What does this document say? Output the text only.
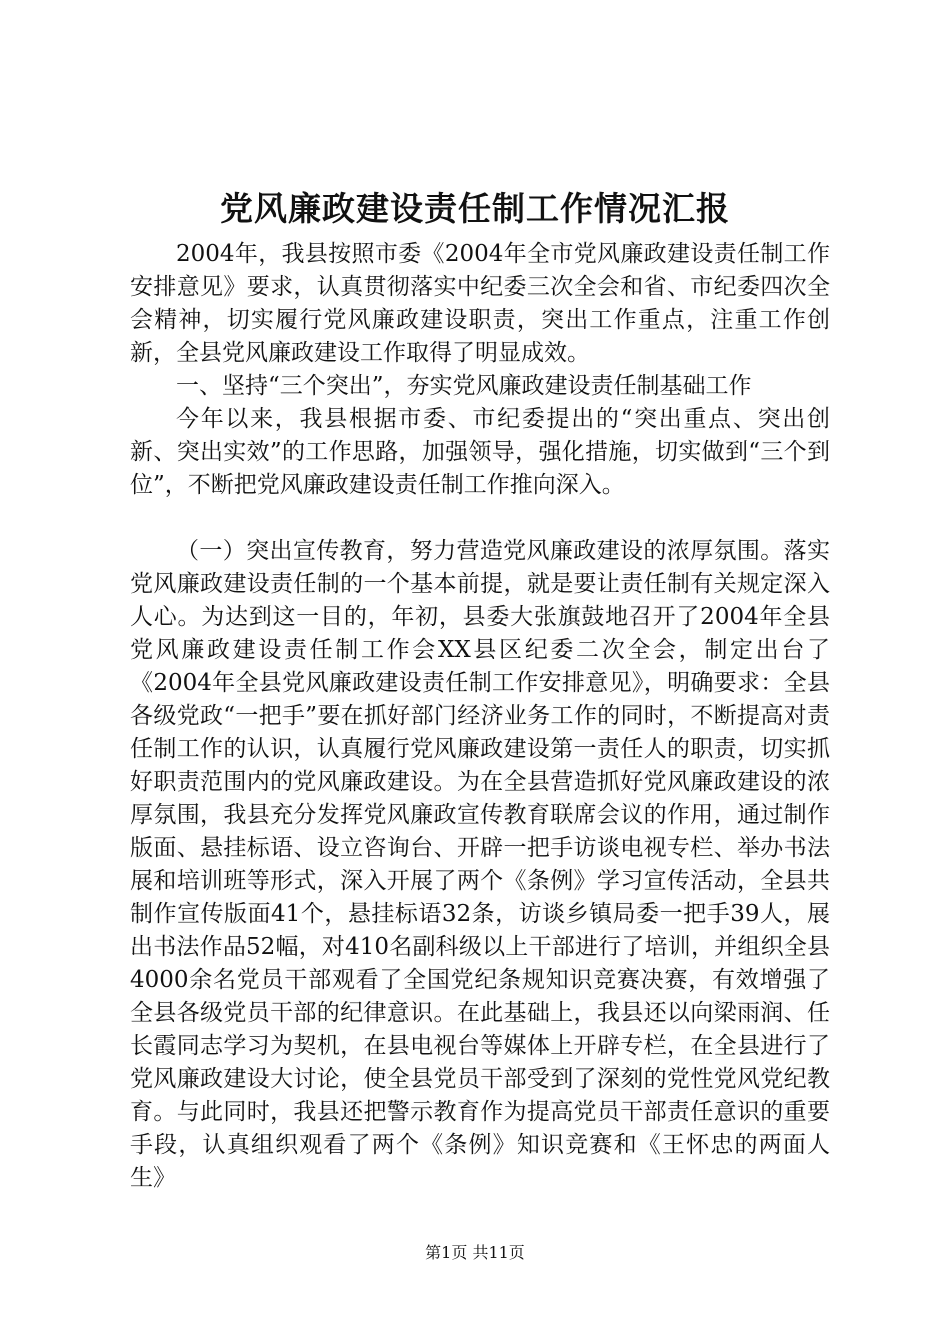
党风廉政建设责任制工作情况汇报

2004年，我县按照市委《2004年全市党风廉政建设责任制工作安排意见》要求，认真贯彻落实中纪委三次全会和省、市纪委四次全会精神，切实履行党风廉政建设职责，突出工作重点，注重工作创新，全县党风廉政建设工作取得了明显成效。

一、坚持“三个突出”，夯实党风廉政建设责任制基础工作

今年以来，我县根据市委、市纪委提出的“突出重点、突出创新、突出实效”的工作思路，加强领导，强化措施，切实做到“三个到位”，不断把党风廉政建设责任制工作推向深入。

（一）突出宣传教育，努力营造党风廉政建设的浓厚氛围。落实党风廉政建设责任制的一个基本前提，就是要让责任制有关规定深入人心。为达到这一目的，年初，县委大张旗鼓地召开了2004年全县党风廉政建设责任制工作会XX县区纪委二次全会，制定出台了《2004年全县党风廉政建设责任制工作安排意见》，明确要求：全县各级党政“一把手”要在抓好部门经济业务工作的同时，不断提高对责任制工作的认识，认真履行党风廉政建设第一责任人的职责，切实抓好职责范围内的党风廉政建设。为在全县营造抓好党风廉政建设的浓厚氛围，我县充分发挥党风廉政宣传教育联席会议的作用，通过制作版面、悬挂标语、设立咨询台、开辟一把手访谈电视专栏、举办书法展和培训班等形式，深入开展了两个《条例》学习宣传活动，全县共制作宣传版面41个，悬挂标语32条，访谈乡镇局委一把手39人，展出书法作品52幅，对410名副科级以上干部进行了培训，并组织全县4000余名党员干部观看了全国党纪条规知识竞赛决赛，有效增强了全县各级党员干部的纪律意识。在此基础上，我县还以向梁雨润、任长霞同志学习为契机，在县电视台等媒体上开辟专栏，在全县进行了党风廉政建设大讨论，使全县党员干部受到了深刻的党性党风党纪教育。与此同时，我县还把警示教育作为提高党员干部责任意识的重要手段，认真组织观看了两个《条例》知识竞赛和《王怀忠的两面人生》

第1页 共11页
